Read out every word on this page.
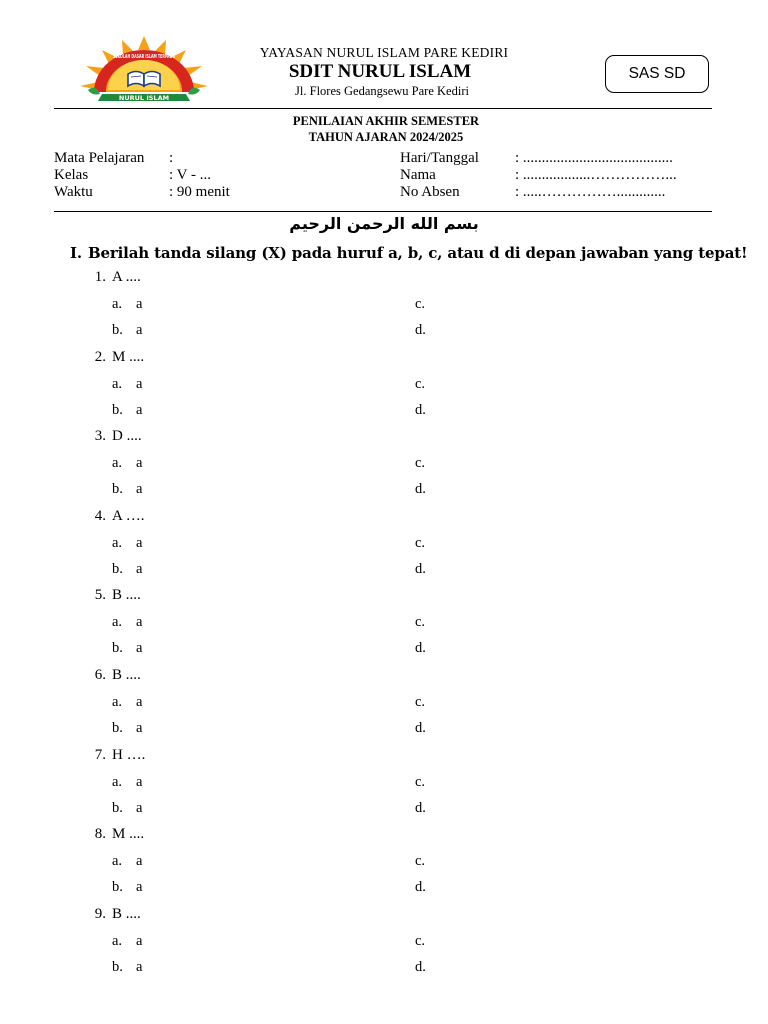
SEKOLAH DASAR ISLAM TERPADU
NURUL ISLAM
YAYASAN NURUL ISLAM PARE KEDIRI
SDIT NURUL ISLAM
Jl. Flores Gedangsewu Pare Kediri
SAS SD
PENILAIAN AKHIR SEMESTER
TAHUN AJARAN 2024/2025
Mata Pelajaran :
Kelas	: V - ...
Waktu	: 90 menit
Hari/Tanggal : ........................................
Nama	: ..................……………...
No Absen	: .....…………….............
بسم الله الرحمن الرحيم
I. Berilah tanda silang (X) pada huruf a, b, c, atau d di depan jawaban yang tepat!
1. A ....
a. a
b. a
c.
d.
2. M ....
a. a
b. a
c.
d.
3. D ....
a. a
b. a
c.
d.
4. A ….
a. a
b. a
c.
d.
5. B ....
a. a
b. a
c.
d.
6. B ....
a. a
b. a
c.
d.
7. H ….
a. a
b. a
c.
d.
8. M ....
a. a
b. a
c.
d.
9. B ....
a. a
b. a
c.
d.
